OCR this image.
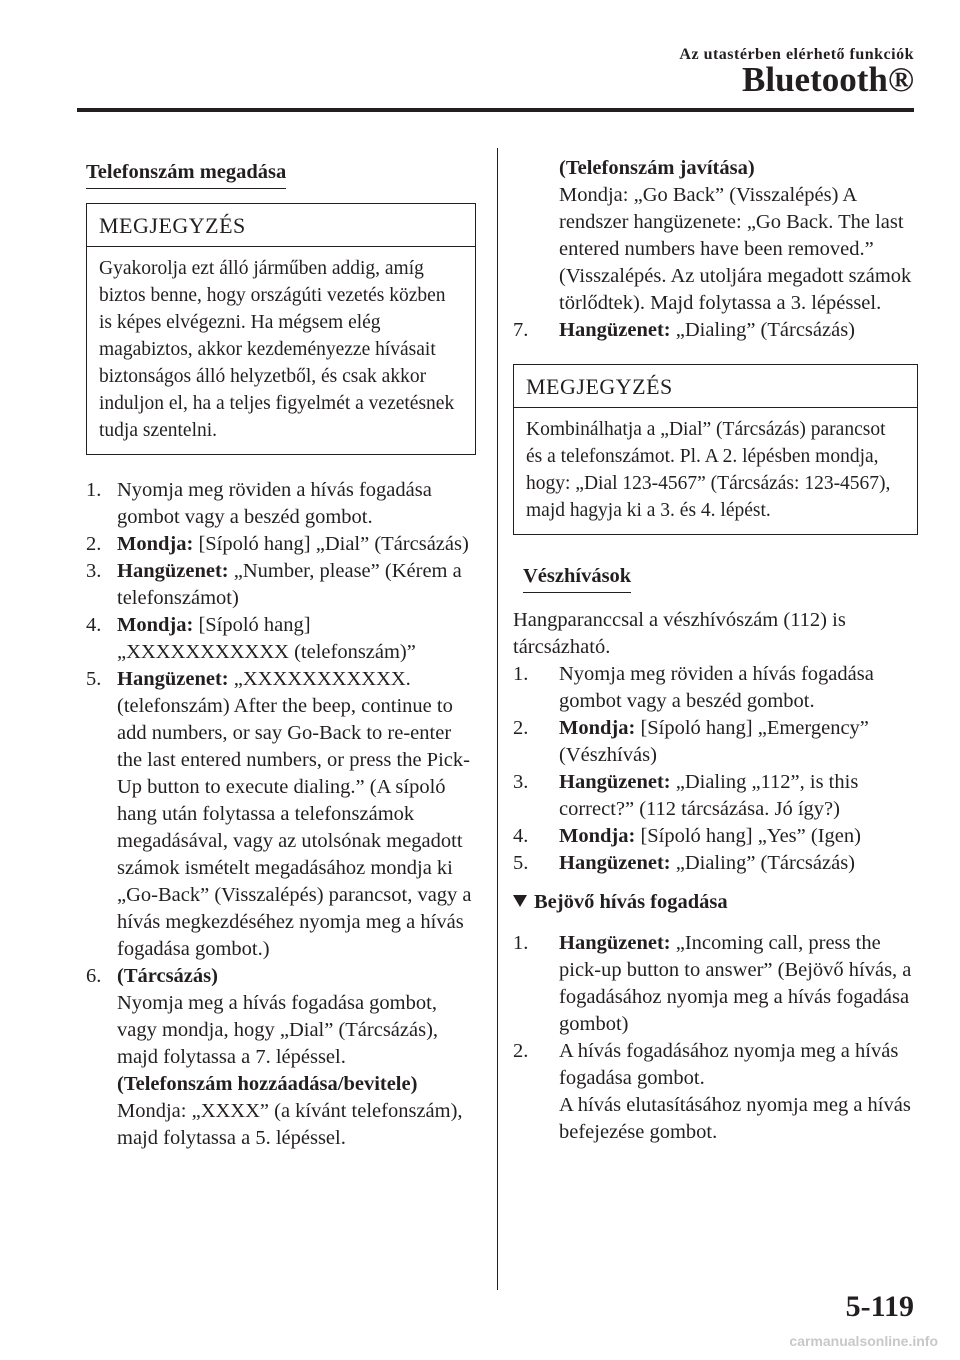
Az utastérben elérhető funkciók
Bluetooth®
Telefonszám megadása
MEGJEGYZÉS
Gyakorolja ezt álló járműben addig, amíg biztos benne, hogy országúti vezetés közben is képes elvégezni. Ha mégsem elég magabiztos, akkor kezdeményezze hívásait biztonságos álló helyzetből, és csak akkor induljon el, ha a teljes figyelmét a vezetésnek tudja szentelni.
1. Nyomja meg röviden a hívás fogadása gombot vagy a beszéd gombot.
2. Mondja: [Sípoló hang] „Dial” (Tárcsázás)
3. Hangüzenet: „Number, please” (Kérem a telefonszámot)
4. Mondja: [Sípoló hang] „XXXXXXXXXXX (telefonszám)”
5. Hangüzenet: „XXXXXXXXXXX. (telefonszám) After the beep, continue to add numbers, or say Go-Back to re-enter the last entered numbers, or press the Pick-Up button to execute dialing.” (A sípoló hang után folytassa a telefonszámok megadásával, vagy az utolsónak megadott számok ismételt megadásához mondja ki „Go-Back” (Visszalépés) parancsot, vagy a hívás megkezdéséhez nyomja meg a hívás fogadása gombot.)
6. (Tárcsázás)
Nyomja meg a hívás fogadása gombot, vagy mondja, hogy „Dial” (Tárcsázás), majd folytassa a 7. lépéssel.
(Telefonszám hozzáadása/bevitele)
Mondja: „XXXX” (a kívánt telefonszám), majd folytassa a 5. lépéssel.
(Telefonszám javítása)
Mondja: „Go Back” (Visszalépés) A rendszer hangüzenete: „Go Back. The last entered numbers have been removed.” (Visszalépés. Az utoljára megadott számok törlődtek). Majd folytassa a 3. lépéssel.
7. Hangüzenet: „Dialing” (Tárcsázás)
MEGJEGYZÉS
Kombinálhatja a „Dial” (Tárcsázás) parancsot és a telefonszámot. Pl. A 2. lépésben mondja, hogy: „Dial 123-4567” (Tárcsázás: 123-4567), majd hagyja ki a 3. és 4. lépést.
Vészhívások

Hangparanccsal a vészhívószám (112) is tárcsázható.

1. Nyomja meg röviden a hívás fogadása gombot vagy a beszéd gombot.
2. Mondja: [Sípoló hang] „Emergency” (Vészhívás)
3. Hangüzenet: „Dialing „112”, is this correct?” (112 tárcsázása. Jó így?)
4. Mondja: [Sípoló hang] „Yes” (Igen)
5. Hangüzenet: „Dialing” (Tárcsázás)
Bejövő hívás fogadása
1. Hangüzenet: „Incoming call, press the pick-up button to answer” (Bejövő hívás, a fogadásához nyomja meg a hívás fogadása gombot)
2. A hívás fogadásához nyomja meg a hívás fogadása gombot.
A hívás elutasításához nyomja meg a hívás befejezése gombot.
5-119
carmanualsonline.info
